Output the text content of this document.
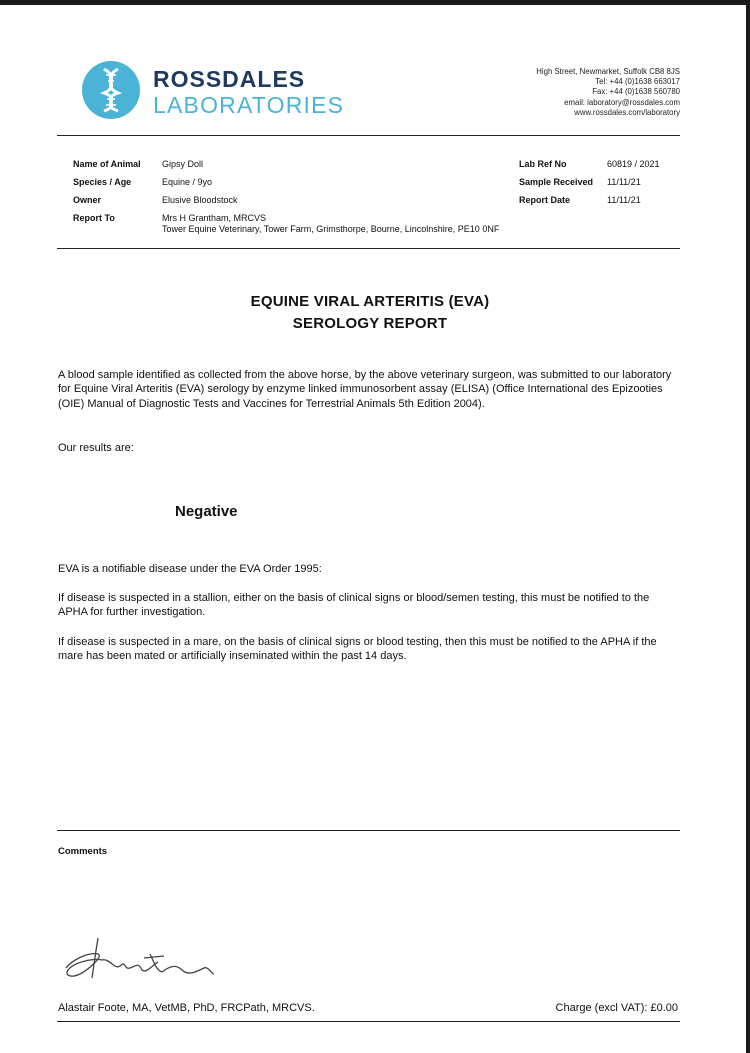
ROSSDALES
LABORATORIES
High Street, Newmarket, Suffolk CB8 8JS
Tel: +44 (0)1638 663017
Fax: +44 (0)1638 560780
email: laboratory@rossdales.com
www.rossdales.com/laboratory
Name of Animal Gipsy Doll
Species / Age	Equine / 9yo
Owner	Elusive Bloodstock
Report To	Mrs H Grantham, MRCVS
Tower Equine Veterinary, Tower Farm, Grimsthorpe, Bourne, Lincolnshire, PE10 0NF
Lab Ref No	60819 / 2021
Sample Received 11/11/21
Report Date	11/11/21
EQUINE VIRAL ARTERITIS (EVA)
SEROLOGY REPORT
A blood sample identified as collected from the above horse, by the above veterinary surgeon, was submitted to our laboratory for Equine Viral Arteritis (EVA) serology by enzyme linked immunosorbent assay (ELISA) (Office International des Epizooties (OIE) Manual of Diagnostic Tests and Vaccines for Terrestrial Animals 5th Edition 2004).
Our results are:
Negative
EVA is a notifiable disease under the EVA Order 1995:
If disease is suspected in a stallion, either on the basis of clinical signs or blood/semen testing, this must be notified to the APHA for further investigation.
If disease is suspected in a mare, on the basis of clinical signs or blood testing, then this must be notified to the APHA if the mare has been mated or artificially inseminated within the past 14 days.
Comments
Alastair Foote, MA, VetMB, PhD, FRCPath, MRCVS.	Charge (excl VAT): £0.00
